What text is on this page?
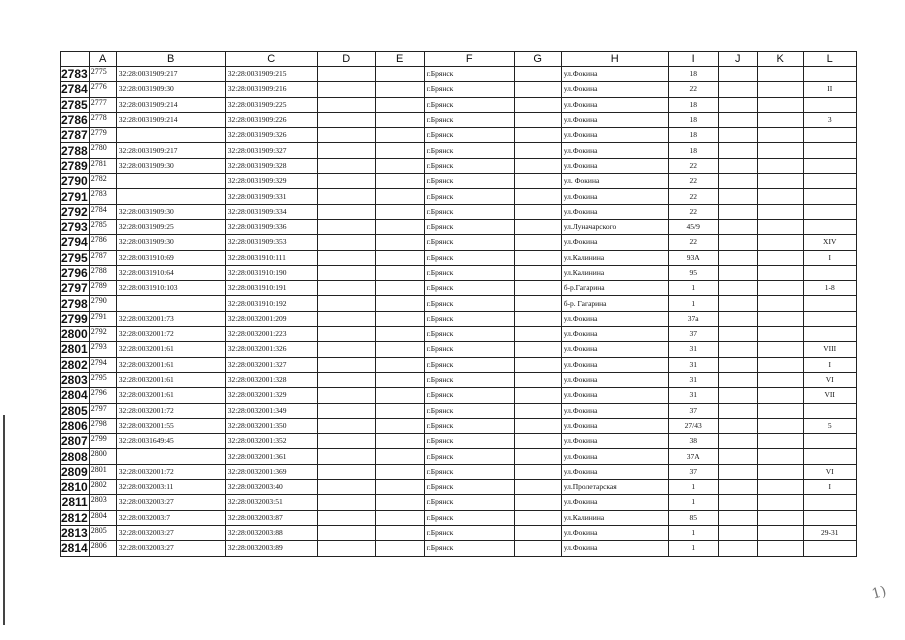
	A	B	C	D	E	F	G	H	I	J	K	L
2783	2775	32:28:0031909:217	32:28:0031909:215			г.Брянск		ул.Фокина	18			
2784	2776	32:28:0031909:30	32:28:0031909:216			г.Брянск		ул.Фокина	22			II
2785	2777	32:28:0031909:214	32:28:0031909:225			г.Брянск		ул.Фокина	18			
2786	2778	32:28:0031909:214	32:28:0031909:226			г.Брянск		ул.Фокина	18			3
2787	2779		32:28:0031909:326			г.Брянск		ул.Фокина	18			
2788	2780	32:28:0031909:217	32:28:0031909:327			г.Брянск		ул.Фокина	18			
2789	2781	32:28:0031909:30	32:28:0031909:328			г.Брянск		ул.Фокина	22			
2790	2782		32:28:0031909:329			г.Брянск		ул. Фокина	22			
2791	2783		32:28:0031909:331			г.Брянск		ул.Фокина	22			
2792	2784	32:28:0031909:30	32:28:0031909:334			г.Брянск		ул.Фокина	22			
2793	2785	32:28:0031909:25	32:28:0031909:336			г.Брянск		ул.Луначарского	45/9			
2794	2786	32:28:0031909:30	32:28:0031909:353			г.Брянск		ул.Фокина	22			XIV
2795	2787	32:28:0031910:69	32:28:0031910:111			г.Брянск		ул.Калинина	93А			I
2796	2788	32:28:0031910:64	32:28:0031910:190			г.Брянск		ул.Калинина	95			
2797	2789	32:28:0031910:103	32:28:0031910:191			г.Брянск		б-р.Гагарина	1			1-8
2798	2790		32:28:0031910:192			г.Брянск		б-р. Гагарина	1			
2799	2791	32:28:0032001:73	32:28:0032001:209			г.Брянск		ул.Фокина	37а			
2800	2792	32:28:0032001:72	32:28:0032001:223			г.Брянск		ул.Фокина	37			
2801	2793	32:28:0032001:61	32:28:0032001:326			г.Брянск		ул.Фокина	31			VIII
2802	2794	32:28:0032001:61	32:28:0032001:327			г.Брянск		ул.Фокина	31			I
2803	2795	32:28:0032001:61	32:28:0032001:328			г.Брянск		ул.Фокина	31			VI
2804	2796	32:28:0032001:61	32:28:0032001:329			г.Брянск		ул.Фокина	31			VII
2805	2797	32:28:0032001:72	32:28:0032001:349			г.Брянск		ул.Фокина	37			
2806	2798	32:28:0032001:55	32:28:0032001:350			г.Брянск		ул.Фокина	27/43			5
2807	2799	32:28:0031649:45	32:28:0032001:352			г.Брянск		ул.Фокина	38			
2808	2800		32:28:0032001:361			г.Брянск		ул.Фокина	37А			
2809	2801	32:28:0032001:72	32:28:0032001:369			г.Брянск		ул.Фокина	37			VI
2810	2802	32:28:0032003:11	32:28:0032003:40			г.Брянск		ул.Пролетарская	1			I
2811	2803	32:28:0032003:27	32:28:0032003:51			г.Брянск		ул.Фокина	1			
2812	2804	32:28:0032003:7	32:28:0032003:87			г.Брянск		ул.Калинина	85			
2813	2805	32:28:0032003:27	32:28:0032003:88			г.Брянск		ул.Фокина	1			29-31
2814	2806	32:28:0032003:27	32:28:0032003:89			г.Брянск		ул.Фокина	1			
1)
